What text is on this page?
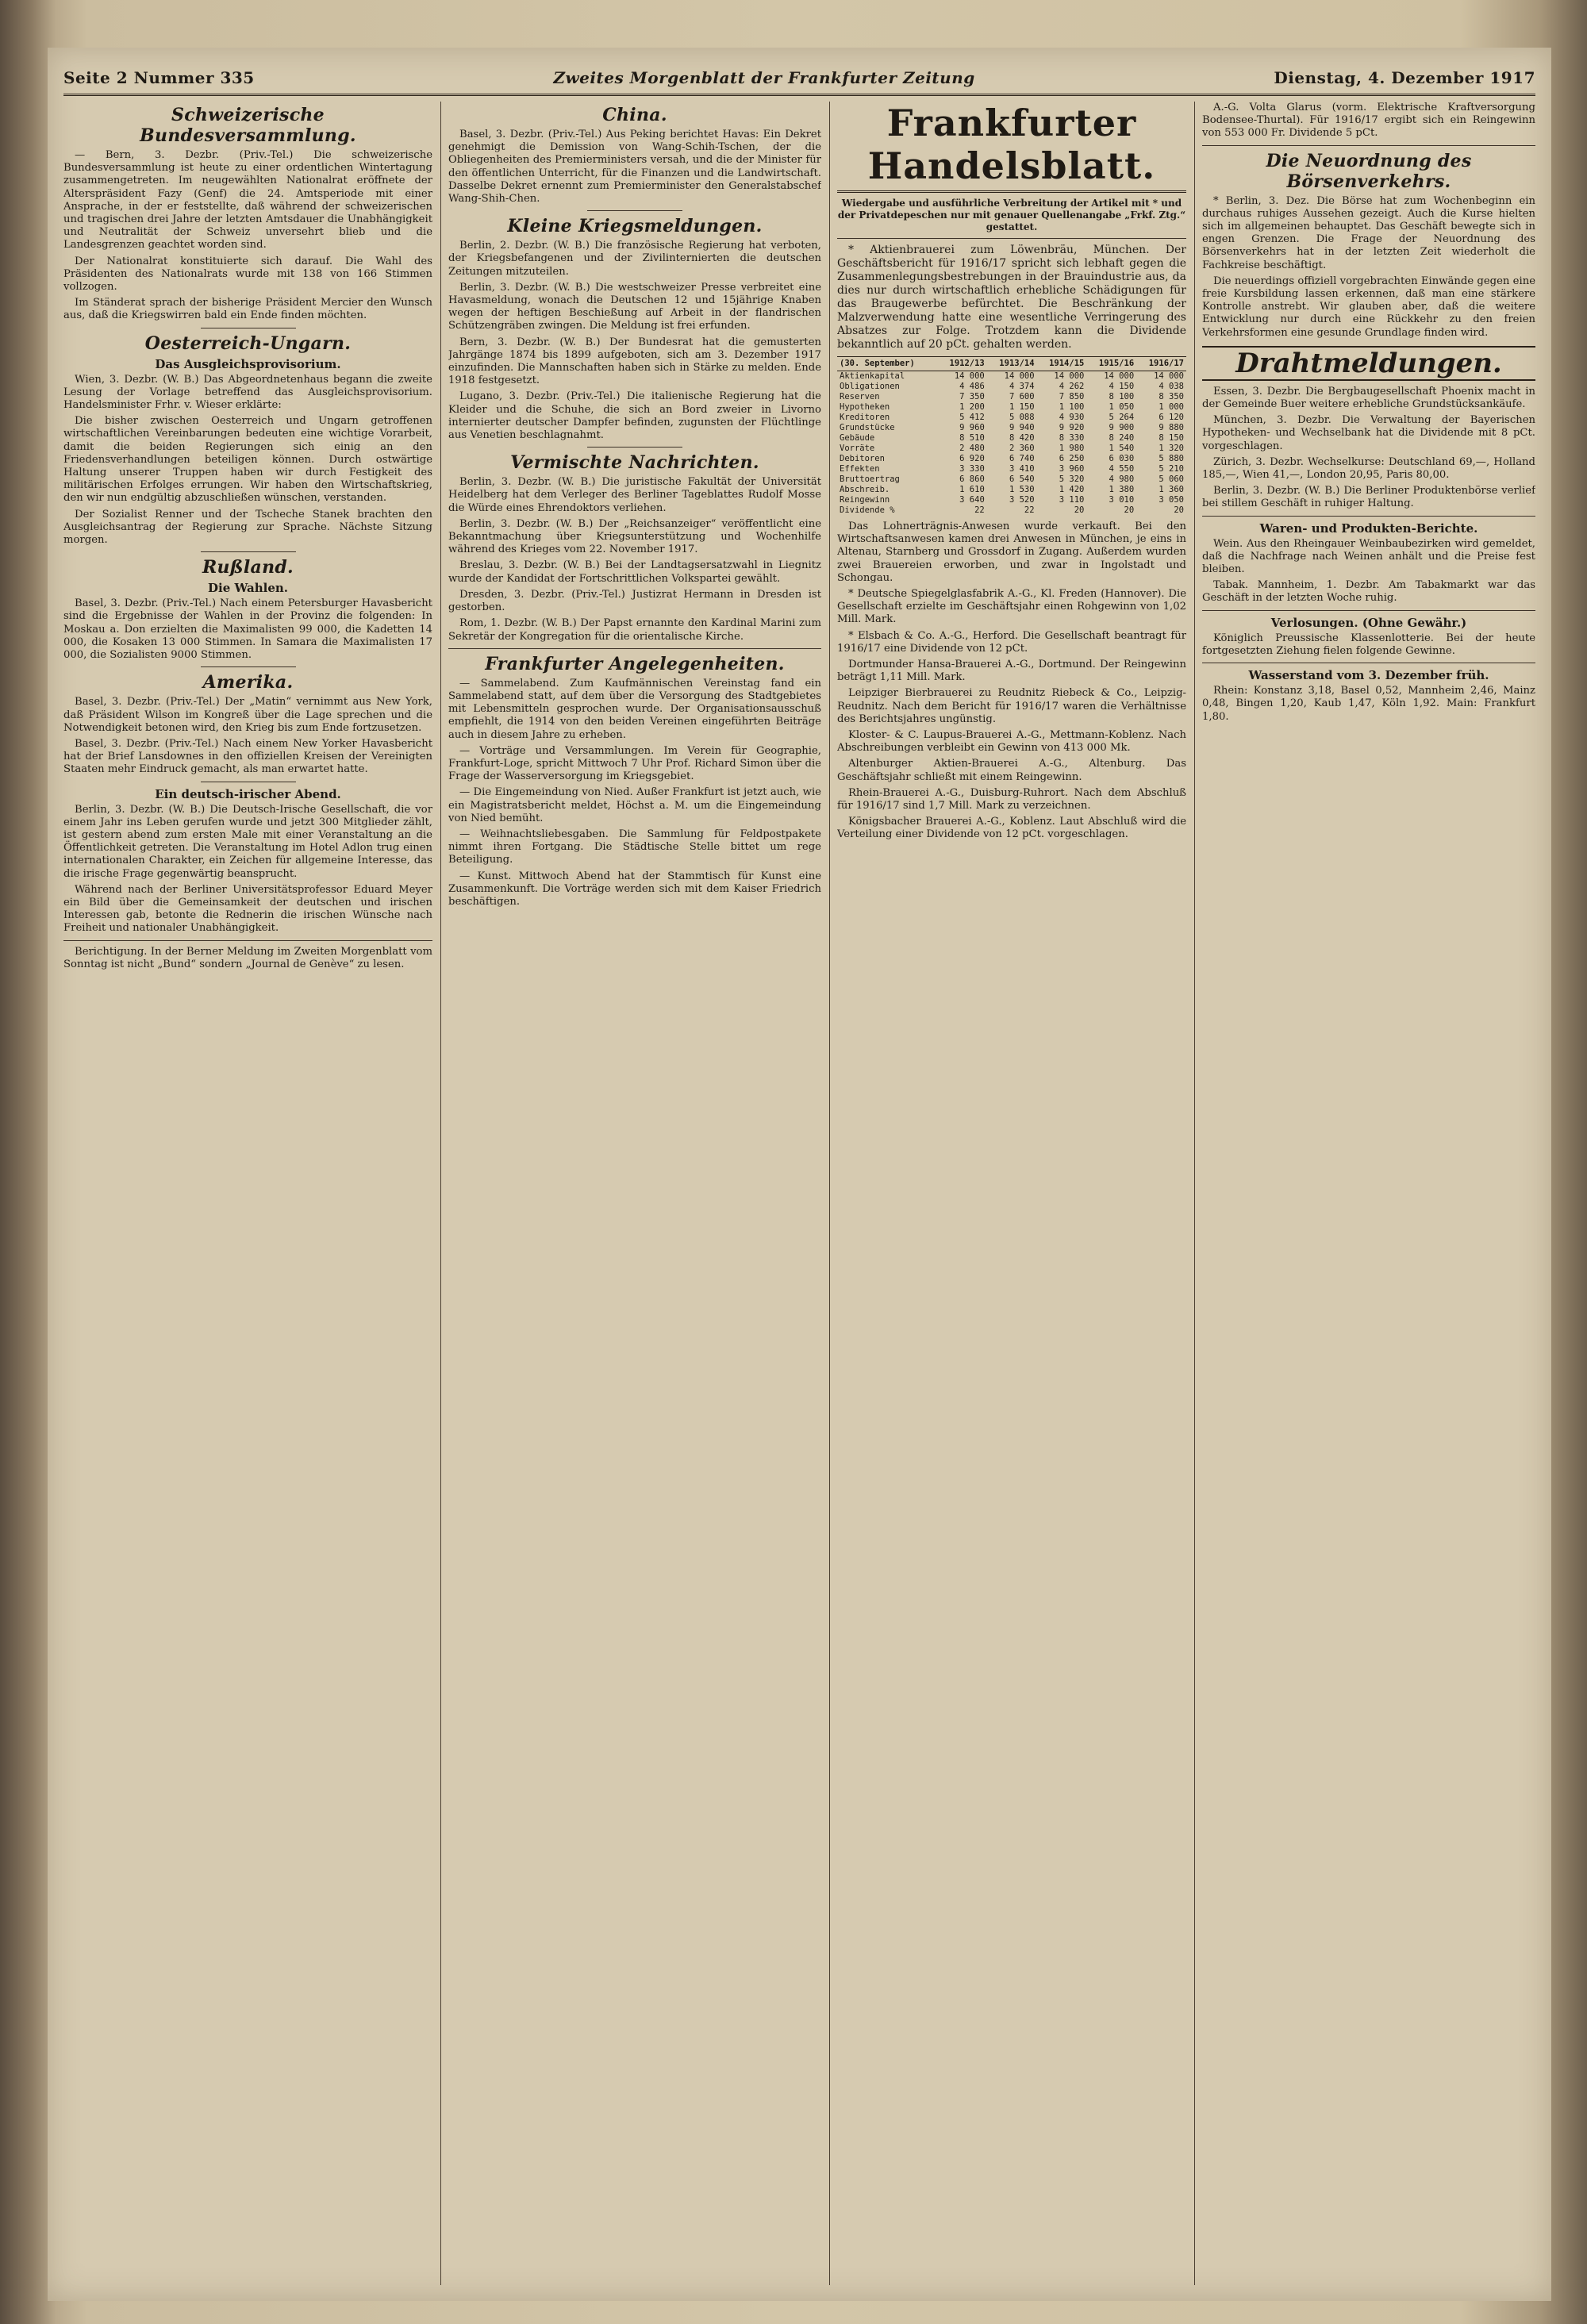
Seite 2 Nummer 335	Zweites Morgenblatt der Frankfurter Zeitung	Dienstag, 4. Dezember 1917
Schweizerische Bundesversammlung.

— Bern, 3. Dezbr. (Priv.-Tel.) Die schweizerische Bundesversammlung ist heute zu einer ordentlichen Wintertagung zusammengetreten. Im neugewählten Nationalrat eröffnete der Alterspräsident Fazy (Genf) die 24. Amtsperiode mit einer Ansprache, in der er feststellte, daß während der schweizerischen und tragischen drei Jahre der letzten Amtsdauer die Unabhängigkeit und Neutralität der Schweiz unversehrt blieb und die Landesgrenzen geachtet worden sind.

Der Nationalrat konstituierte sich darauf. Die Wahl des Präsidenten des Nationalrats wurde mit 138 von 166 Stimmen vollzogen.

Im Ständerat sprach der bisherige Präsident Mercier den Wunsch aus, daß die Kriegswirren bald ein Ende finden möchten.

Oesterreich-Ungarn.
Das Ausgleichsprovisorium.

Wien, 3. Dezbr. (W. B.) Das Abgeordnetenhaus begann die zweite Lesung der Vorlage betreffend das Ausgleichsprovisorium. Handelsminister Frhr. v. Wieser erklärte:

Die bisher zwischen Oesterreich und Ungarn getroffenen wirtschaftlichen Vereinbarungen bedeuten eine wichtige Vorarbeit, damit die beiden Regierungen sich einig an den Friedensverhandlungen beteiligen können. Durch ostwärtige Haltung unserer Truppen haben wir durch Festigkeit des militärischen Erfolges errungen. Wir haben den Wirtschaftskrieg, den wir nun endgültig abzuschließen wünschen, verstanden.

Der Sozialist Renner und der Tscheche Stanek brachten den Ausgleichsantrag der Regierung zur Sprache. Nächste Sitzung morgen.

Rußland.
Die Wahlen.

Basel, 3. Dezbr. (Priv.-Tel.) Nach einem Petersburger Havasbericht sind die Ergebnisse der Wahlen in der Provinz die folgenden: In Moskau a. Don erzielten die Maximalisten 99 000, die Kadetten 14 000, die Kosaken 13 000 Stimmen. In Samara die Maximalisten 17 000, die Sozialisten 9000 Stimmen.

Amerika.

Basel, 3. Dezbr. (Priv.-Tel.) Der „Matin“ vernimmt aus New York, daß Präsident Wilson im Kongreß über die Lage sprechen und die Notwendigkeit betonen wird, den Krieg bis zum Ende fortzusetzen.

Basel, 3. Dezbr. (Priv.-Tel.) Nach einem New Yorker Havasbericht hat der Brief Lansdownes in den offiziellen Kreisen der Vereinigten Staaten mehr Eindruck gemacht, als man erwartet hatte.

Ein deutsch-irischer Abend.

Berlin, 3. Dezbr. (W. B.) Die Deutsch-Irische Gesellschaft, die vor einem Jahr ins Leben gerufen wurde und jetzt 300 Mitglieder zählt, ist gestern abend zum ersten Male mit einer Veranstaltung an die Öffentlichkeit getreten. Die Veranstaltung im Hotel Adlon trug einen internationalen Charakter, ein Zeichen für allgemeine Interesse, das die irische Frage gegenwärtig beansprucht.

Während nach der Berliner Universitätsprofessor Eduard Meyer ein Bild über die Gemeinsamkeit der deutschen und irischen Interessen gab, betonte die Rednerin die irischen Wünsche nach Freiheit und nationaler Unabhängigkeit.

Berichtigung. In der Berner Meldung im Zweiten Morgenblatt vom Sonntag ist nicht „Bund“ sondern „Journal de Genève“ zu lesen.

China.

Basel, 3. Dezbr. (Priv.-Tel.) Aus Peking berichtet Havas: Ein Dekret genehmigt die Demission von Wang-Schih-Tschen, der die Obliegenheiten des Premierministers versah, und die der Minister für den öffentlichen Unterricht, für die Finanzen und die Landwirtschaft. Dasselbe Dekret ernennt zum Premierminister den Generalstabschef Wang-Shih-Chen.

Kleine Kriegsmeldungen.

Berlin, 2. Dezbr. (W. B.) Die französische Regierung hat verboten, der Kriegsbefangenen und der Zivilinternierten die deutschen Zeitungen mitzuteilen.

Berlin, 3. Dezbr. (W. B.) Die westschweizer Presse verbreitet eine Havasmeldung, wonach die Deutschen 12 und 15jährige Knaben wegen der heftigen Beschießung auf Arbeit in der flandrischen Schützengräben zwingen. Die Meldung ist frei erfunden.

Bern, 3. Dezbr. (W. B.) Der Bundesrat hat die gemusterten Jahrgänge 1874 bis 1899 aufgeboten, sich am 3. Dezember 1917 einzufinden. Die Mannschaften haben sich in Stärke zu melden. Ende 1918 festgesetzt.

Lugano, 3. Dezbr. (Priv.-Tel.) Die italienische Regierung hat die Kleider und die Schuhe, die sich an Bord zweier in Livorno internierter deutscher Dampfer befinden, zugunsten der Flüchtlinge aus Venetien beschlagnahmt.

Vermischte Nachrichten.

Berlin, 3. Dezbr. (W. B.) Die juristische Fakultät der Universität Heidelberg hat dem Verleger des Berliner Tageblattes Rudolf Mosse die Würde eines Ehrendoktors verliehen.

Berlin, 3. Dezbr. (W. B.) Der „Reichsanzeiger“ veröffentlicht eine Bekanntmachung über Kriegsunterstützung und Wochenhilfe während des Krieges vom 22. November 1917.

Breslau, 3. Dezbr. (W. B.) Bei der Landtagsersatzwahl in Liegnitz wurde der Kandidat der Fortschrittlichen Volkspartei gewählt.

Dresden, 3. Dezbr. (Priv.-Tel.) Justizrat Hermann in Dresden ist gestorben.

Rom, 1. Dezbr. (W. B.) Der Papst ernannte den Kardinal Marini zum Sekretär der Kongregation für die orientalische Kirche.

Frankfurter Angelegenheiten.

— Sammelabend. Zum Kaufmännischen Vereinstag fand ein Sammelabend statt, auf dem über die Versorgung des Stadtgebietes mit Lebensmitteln gesprochen wurde. Der Organisationsausschuß empfiehlt, die 1914 von den beiden Vereinen eingeführten Beiträge auch in diesem Jahre zu erheben.

— Vorträge und Versammlungen. Im Verein für Geographie, Frankfurt-Loge, spricht Mittwoch 7 Uhr Prof. Richard Simon über die Frage der Wasserversorgung im Kriegsgebiet.

— Die Eingemeindung von Nied. Außer Frankfurt ist jetzt auch, wie ein Magistratsbericht meldet, Höchst a. M. um die Eingemeindung von Nied bemüht.

— Weihnachtsliebesgaben. Die Sammlung für Feldpostpakete nimmt ihren Fortgang. Die Städtische Stelle bittet um rege Beteiligung.

— Kunst. Mittwoch Abend hat der Stammtisch für Kunst eine Zusammenkunft. Die Vorträge werden sich mit dem Kaiser Friedrich beschäftigen.

Frankfurter Handelsblatt.
Wiedergabe und ausführliche Verbreitung der Artikel mit * und der Privatdepeschen nur mit genauer Quellenangabe „Frkf. Ztg.“ gestattet.

* Aktienbrauerei zum Löwenbräu, München. Der Geschäftsbericht für 1916/17 spricht sich lebhaft gegen die Zusammenlegungsbestrebungen in der Brauindustrie aus, da dies nur durch wirtschaftlich erhebliche Schädigungen für das Braugewerbe befürchtet. Die Beschränkung der Malzverwendung hatte eine wesentliche Verringerung des Absatzes zur Folge. Trotzdem kann die Dividende bekanntlich auf 20 pCt. gehalten werden.

(30. September)	1912/13	1913/14	1914/15	1915/16	1916/17
Aktienkapital	14 000	14 000	14 000	14 000	14 000
Obligationen	4 486	4 374	4 262	4 150	4 038
Reserven	7 350	7 600	7 850	8 100	8 350
Hypotheken	1 200	1 150	1 100	1 050	1 000
Kreditoren	5 412	5 088	4 930	5 264	6 120
Grundstücke	9 960	9 940	9 920	9 900	9 880
Gebäude	8 510	8 420	8 330	8 240	8 150
Vorräte	2 480	2 360	1 980	1 540	1 320
Debitoren	6 920	6 740	6 250	6 030	5 880
Effekten	3 330	3 410	3 960	4 550	5 210
Bruttoertrag	6 860	6 540	5 320	4 980	5 060
Abschreib.	1 610	1 530	1 420	1 380	1 360
Reingewinn	3 640	3 520	3 110	3 010	3 050
Dividende %	22	22	20	20	20

Das Lohnerträgnis-Anwesen wurde verkauft. Bei den Wirtschaftsanwesen kamen drei Anwesen in München, je eins in Altenau, Starnberg und Grossdorf in Zugang. Außerdem wurden zwei Brauereien erworben, und zwar in Ingolstadt und Schongau.

* Deutsche Spiegelglasfabrik A.-G., Kl. Freden (Hannover). Die Gesellschaft erzielte im Geschäftsjahr einen Rohgewinn von 1,02 Mill. Mark.

* Elsbach & Co. A.-G., Herford. Die Gesellschaft beantragt für 1916/17 eine Dividende von 12 pCt.

Dortmunder Hansa-Brauerei A.-G., Dortmund. Der Reingewinn beträgt 1,11 Mill. Mark.

Leipziger Bierbrauerei zu Reudnitz Riebeck & Co., Leipzig-Reudnitz. Nach dem Bericht für 1916/17 waren die Verhältnisse des Berichtsjahres ungünstig.

Kloster- & C. Laupus-Brauerei A.-G., Mettmann-Koblenz. Nach Abschreibungen verbleibt ein Gewinn von 413 000 Mk.

Altenburger Aktien-Brauerei A.-G., Altenburg. Das Geschäftsjahr schließt mit einem Reingewinn.

Rhein-Brauerei A.-G., Duisburg-Ruhrort. Nach dem Abschluß für 1916/17 sind 1,7 Mill. Mark zu verzeichnen.

Königsbacher Brauerei A.-G., Koblenz. Laut Abschluß wird die Verteilung einer Dividende von 12 pCt. vorgeschlagen.

A.-G. Volta Glarus (vorm. Elektrische Kraftversorgung Bodensee-Thurtal). Für 1916/17 ergibt sich ein Reingewinn von 553 000 Fr. Dividende 5 pCt.

Die Neuordnung des Börsenverkehrs.

* Berlin, 3. Dez. Die Börse hat zum Wochenbeginn ein durchaus ruhiges Aussehen gezeigt. Auch die Kurse hielten sich im allgemeinen behauptet. Das Geschäft bewegte sich in engen Grenzen. Die Frage der Neuordnung des Börsenverkehrs hat in der letzten Zeit wiederholt die Fachkreise beschäftigt.

Die neuerdings offiziell vorgebrachten Einwände gegen eine freie Kursbildung lassen erkennen, daß man eine stärkere Kontrolle anstrebt. Wir glauben aber, daß die weitere Entwicklung nur durch eine Rückkehr zu den freien Verkehrsformen eine gesunde Grundlage finden wird.

Drahtmeldungen.

Essen, 3. Dezbr. Die Bergbaugesellschaft Phoenix macht in der Gemeinde Buer weitere erhebliche Grundstücksankäufe.

München, 3. Dezbr. Die Verwaltung der Bayerischen Hypotheken- und Wechselbank hat die Dividende mit 8 pCt. vorgeschlagen.

Zürich, 3. Dezbr. Wechselkurse: Deutschland 69,—, Holland 185,—, Wien 41,—, London 20,95, Paris 80,00.

Berlin, 3. Dezbr. (W. B.) Die Berliner Produktenbörse verlief bei stillem Geschäft in ruhiger Haltung.

Waren- und Produkten-Berichte.

Wein. Aus den Rheingauer Weinbaubezirken wird gemeldet, daß die Nachfrage nach Weinen anhält und die Preise fest bleiben.

Tabak. Mannheim, 1. Dezbr. Am Tabakmarkt war das Geschäft in der letzten Woche ruhig.

Verlosungen. (Ohne Gewähr.)

Königlich Preussische Klassenlotterie. Bei der heute fortgesetzten Ziehung fielen folgende Gewinne.

Wasserstand vom 3. Dezember früh.

Rhein: Konstanz 3,18, Basel 0,52, Mannheim 2,46, Mainz 0,48, Bingen 1,20, Kaub 1,47, Köln 1,92. Main: Frankfurt 1,80.
